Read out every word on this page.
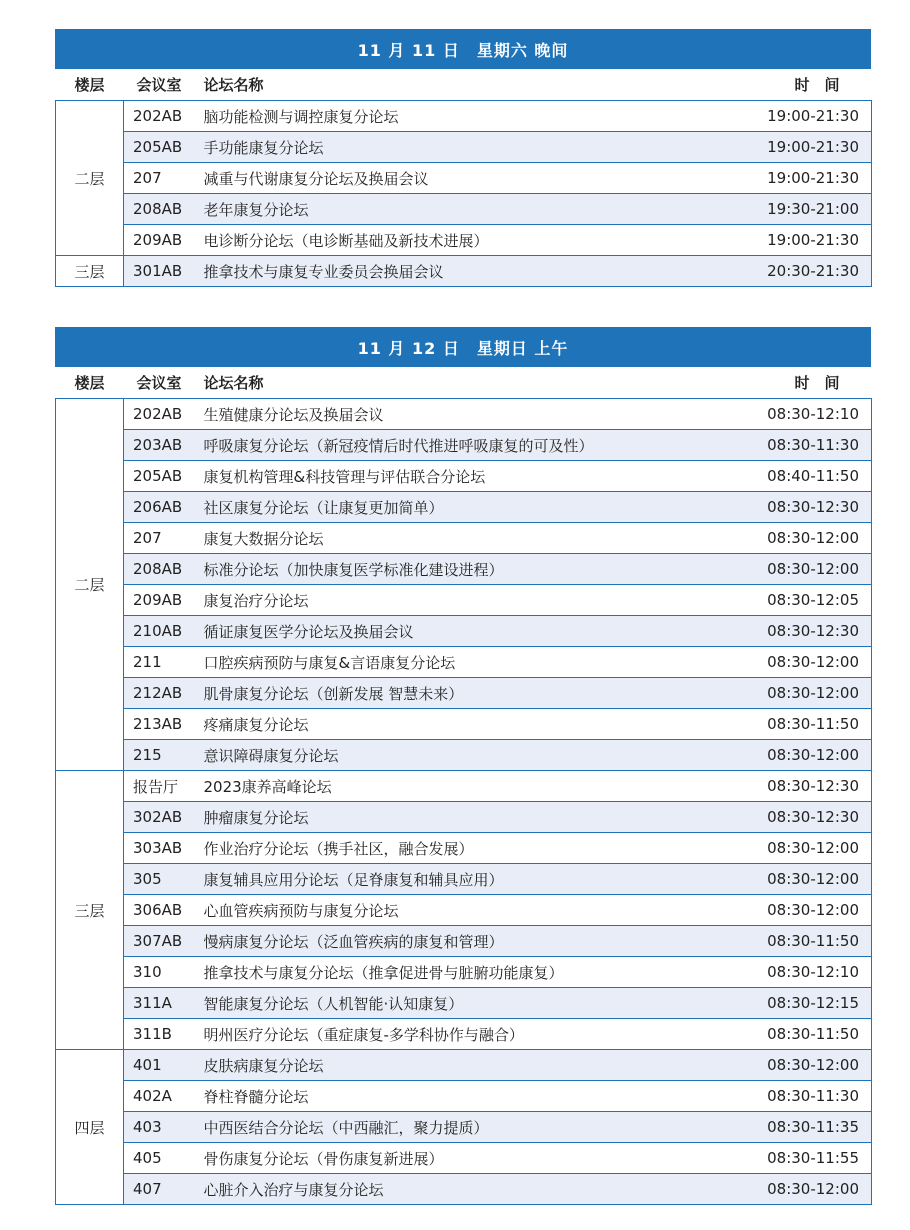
11 月 11 日　星期六 晚间
楼层	会议室	论坛名称	时　间
二层	202AB	脑功能检测与调控康复分论坛	19:00-21:30
	205AB	手功能康复分论坛	19:00-21:30
	207	减重与代谢康复分论坛及换届会议	19:00-21:30
	208AB	老年康复分论坛	19:30-21:00
	209AB	电诊断分论坛（电诊断基础及新技术进展）	19:00-21:30
三层	301AB	推拿技术与康复专业委员会换届会议	20:30-21:30
11 月 12 日　星期日 上午
楼层	会议室	论坛名称	时　间
二层	202AB	生殖健康分论坛及换届会议	08:30-12:10
	203AB	呼吸康复分论坛（新冠疫情后时代推进呼吸康复的可及性）	08:30-11:30
	205AB	康复机构管理&科技管理与评估联合分论坛	08:40-11:50
	206AB	社区康复分论坛（让康复更加简单）	08:30-12:30
	207	康复大数据分论坛	08:30-12:00
	208AB	标准分论坛（加快康复医学标准化建设进程）	08:30-12:00
	209AB	康复治疗分论坛	08:30-12:05
	210AB	循证康复医学分论坛及换届会议	08:30-12:30
	211	口腔疾病预防与康复&言语康复分论坛	08:30-12:00
	212AB	肌骨康复分论坛（创新发展 智慧未来）	08:30-12:00
	213AB	疼痛康复分论坛	08:30-11:50
	215	意识障碍康复分论坛	08:30-12:00
三层	报告厅	2023康养高峰论坛	08:30-12:30
	302AB	肿瘤康复分论坛	08:30-12:30
	303AB	作业治疗分论坛（携手社区，融合发展）	08:30-12:00
	305	康复辅具应用分论坛（足脊康复和辅具应用）	08:30-12:00
	306AB	心血管疾病预防与康复分论坛	08:30-12:00
	307AB	慢病康复分论坛（泛血管疾病的康复和管理）	08:30-11:50
	310	推拿技术与康复分论坛（推拿促进骨与脏腑功能康复）	08:30-12:10
	311A	智能康复分论坛（人机智能·认知康复）	08:30-12:15
	311B	明州医疗分论坛（重症康复-多学科协作与融合）	08:30-11:50
四层	401	皮肤病康复分论坛	08:30-12:00
	402A	脊柱脊髓分论坛	08:30-11:30
	403	中西医结合分论坛（中西融汇，聚力提质）	08:30-11:35
	405	骨伤康复分论坛（骨伤康复新进展）	08:30-11:55
	407	心脏介入治疗与康复分论坛	08:30-12:00
